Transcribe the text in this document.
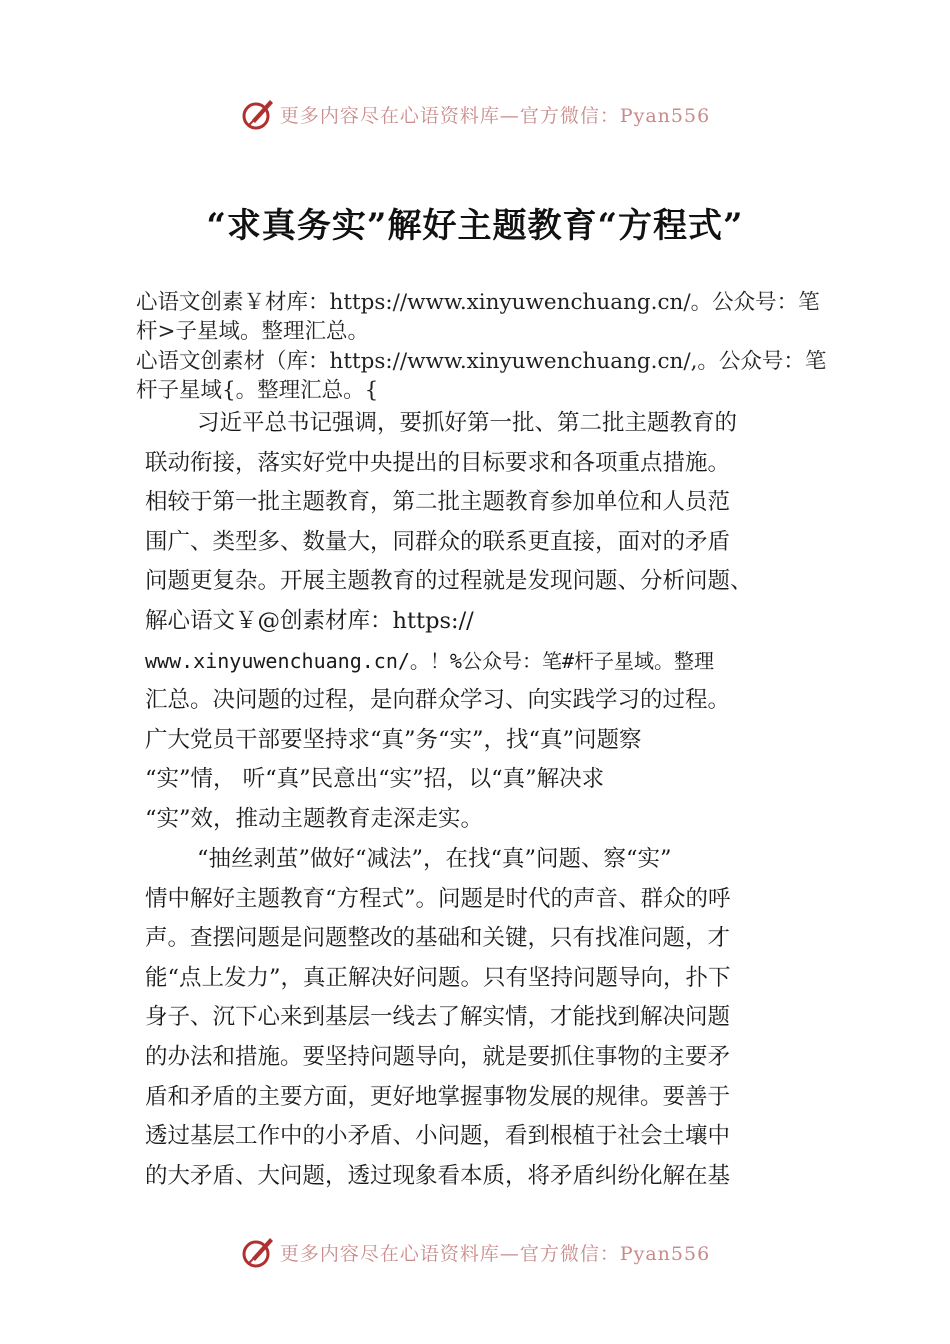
更多内容尽在心语资料库—官方微信：Pyan556
“求真务实”解好主题教育“方程式”

心语文创素￥材库：https://www.xinyuwenchuang.cn/。公众号：笔杆>子星域。整理汇总。

心语文创素材（库：https://www.xinyuwenchuang.cn/,。公众号：笔杆子星域{。整理汇总。{

习近平总书记强调，要抓好第一批、第二批主题教育的
联动衔接，落实好党中央提出的目标要求和各项重点措施。
相较于第一批主题教育，第二批主题教育参加单位和人员范
围广、类型多、数量大，同群众的联系更直接，面对的矛盾
问题更复杂。开展主题教育的过程就是发现问题、分析问题、
解心语文￥@创素材库：https://
www.xinyuwenchuang.cn/。！%公众号：笔#杆子星域。整理
汇总。决问题的过程，是向群众学习、向实践学习的过程。
广大党员干部要坚持求“真”务“实”，找“真”问题察
“实”情， 听“真”民意出“实”招，以“真”解决求
“实”效，推动主题教育走深走实。
“抽丝剥茧”做好“减法”，在找“真”问题、察“实”
情中解好主题教育“方程式”。问题是时代的声音、群众的呼
声。查摆问题是问题整改的基础和关键，只有找准问题，才
能“点上发力”，真正解决好问题。只有坚持问题导向，扑下
身子、沉下心来到基层一线去了解实情，才能找到解决问题
的办法和措施。要坚持问题导向，就是要抓住事物的主要矛
盾和矛盾的主要方面，更好地掌握事物发展的规律。要善于
透过基层工作中的小矛盾、小问题，看到根植于社会土壤中
的大矛盾、大问题，透过现象看本质，将矛盾纠纷化解在基
更多内容尽在心语资料库—官方微信：Pyan556
